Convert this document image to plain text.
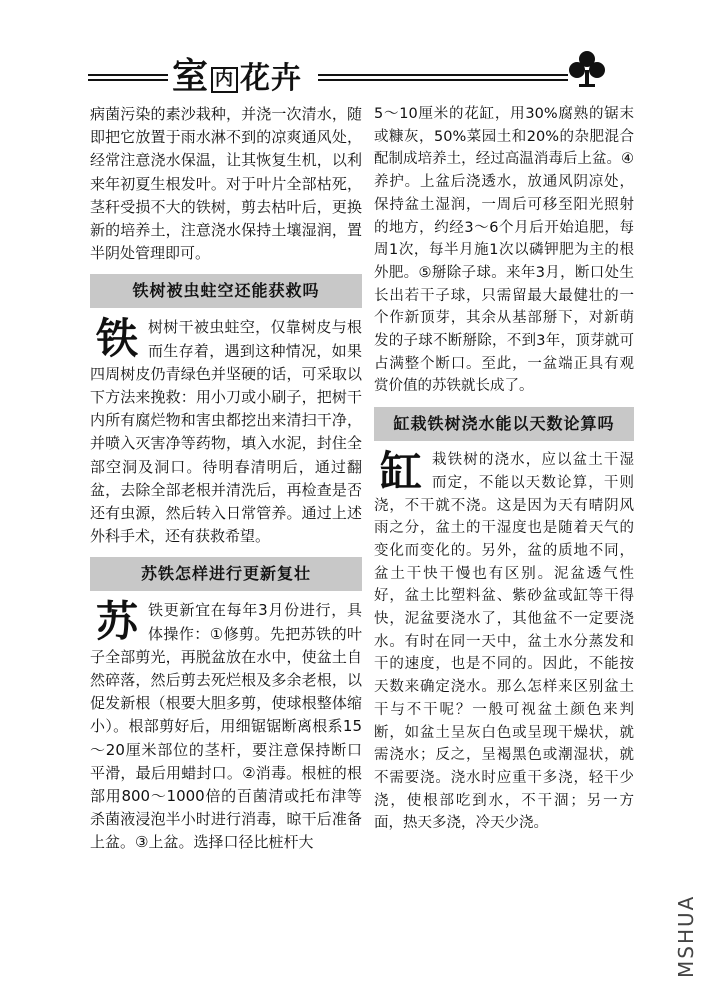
室 内 花卉

病菌污染的素沙栽种，并浇一次清水，随即把它放置于雨水淋不到的凉爽通风处，经常注意浇水保温，让其恢复生机，以利来年初夏生根发叶。对于叶片全部枯死，茎秆受损不大的铁树，剪去枯叶后，更换新的培养土，注意浇水保持土壤湿润，置半阴处管理即可。

铁树被虫蛀空还能获救吗

铁树树干被虫蛀空，仅靠树皮与根而生存着，遇到这种情况，如果四周树皮仍青绿色并坚硬的话，可采取以下方法来挽救：用小刀或小刷子，把树干内所有腐烂物和害虫都挖出来清扫干净，并喷入灭害净等药物，填入水泥，封住全部空洞及洞口。待明春清明后，通过翻盆，去除全部老根并清洗后，再检查是否还有虫源，然后转入日常管养。通过上述外科手术，还有获救希望。

苏铁怎样进行更新复壮

苏铁更新宜在每年3月份进行，具体操作：①修剪。先把苏铁的叶子全部剪光，再脱盆放在水中，使盆土自然碎落，然后剪去死烂根及多余老根，以促发新根（根要大胆多剪，使球根整体缩小）。根部剪好后，用细锯锯断离根系15～20厘米部位的茎杆，要注意保持断口平滑，最后用蜡封口。②消毒。根桩的根部用800～1000倍的百菌清或托布津等杀菌液浸泡半小时进行消毒，晾干后准备上盆。③上盆。选择口径比桩杆大

5～10厘米的花缸，用30%腐熟的锯末或糠灰，50%菜园土和20%的杂肥混合配制成培养土，经过高温消毒后上盆。④养护。上盆后浇透水，放通风阴凉处，保持盆土湿润，一周后可移至阳光照射的地方，约经3～6个月后开始追肥，每周1次，每半月施1次以磷钾肥为主的根外肥。⑤掰除子球。来年3月，断口处生长出若干子球，只需留最大最健壮的一个作新顶芽，其余从基部掰下，对新萌发的子球不断掰除，不到3年，顶芽就可占满整个断口。至此，一盆端正具有观赏价值的苏铁就长成了。

缸栽铁树浇水能以天数论算吗

缸栽铁树的浇水，应以盆土干湿而定，不能以天数论算，干则浇，不干就不浇。这是因为天有晴阴风雨之分，盆土的干湿度也是随着天气的变化而变化的。另外，盆的质地不同，盆土干快干慢也有区别。泥盆透气性好，盆土比塑料盆、紫砂盆或缸等干得快，泥盆要浇水了，其他盆不一定要浇水。有时在同一天中，盆土水分蒸发和干的速度，也是不同的。因此，不能按天数来确定浇水。那么怎样来区别盆土干与不干呢？一般可视盆土颜色来判断，如盆土呈灰白色或呈现干燥状，就需浇水；反之，呈褐黑色或潮湿状，就不需要浇。浇水时应重干多浇，轻干少浇，使根部吃到水，不干涸；另一方面，热天多浇，冷天少浇。

MSHUA
